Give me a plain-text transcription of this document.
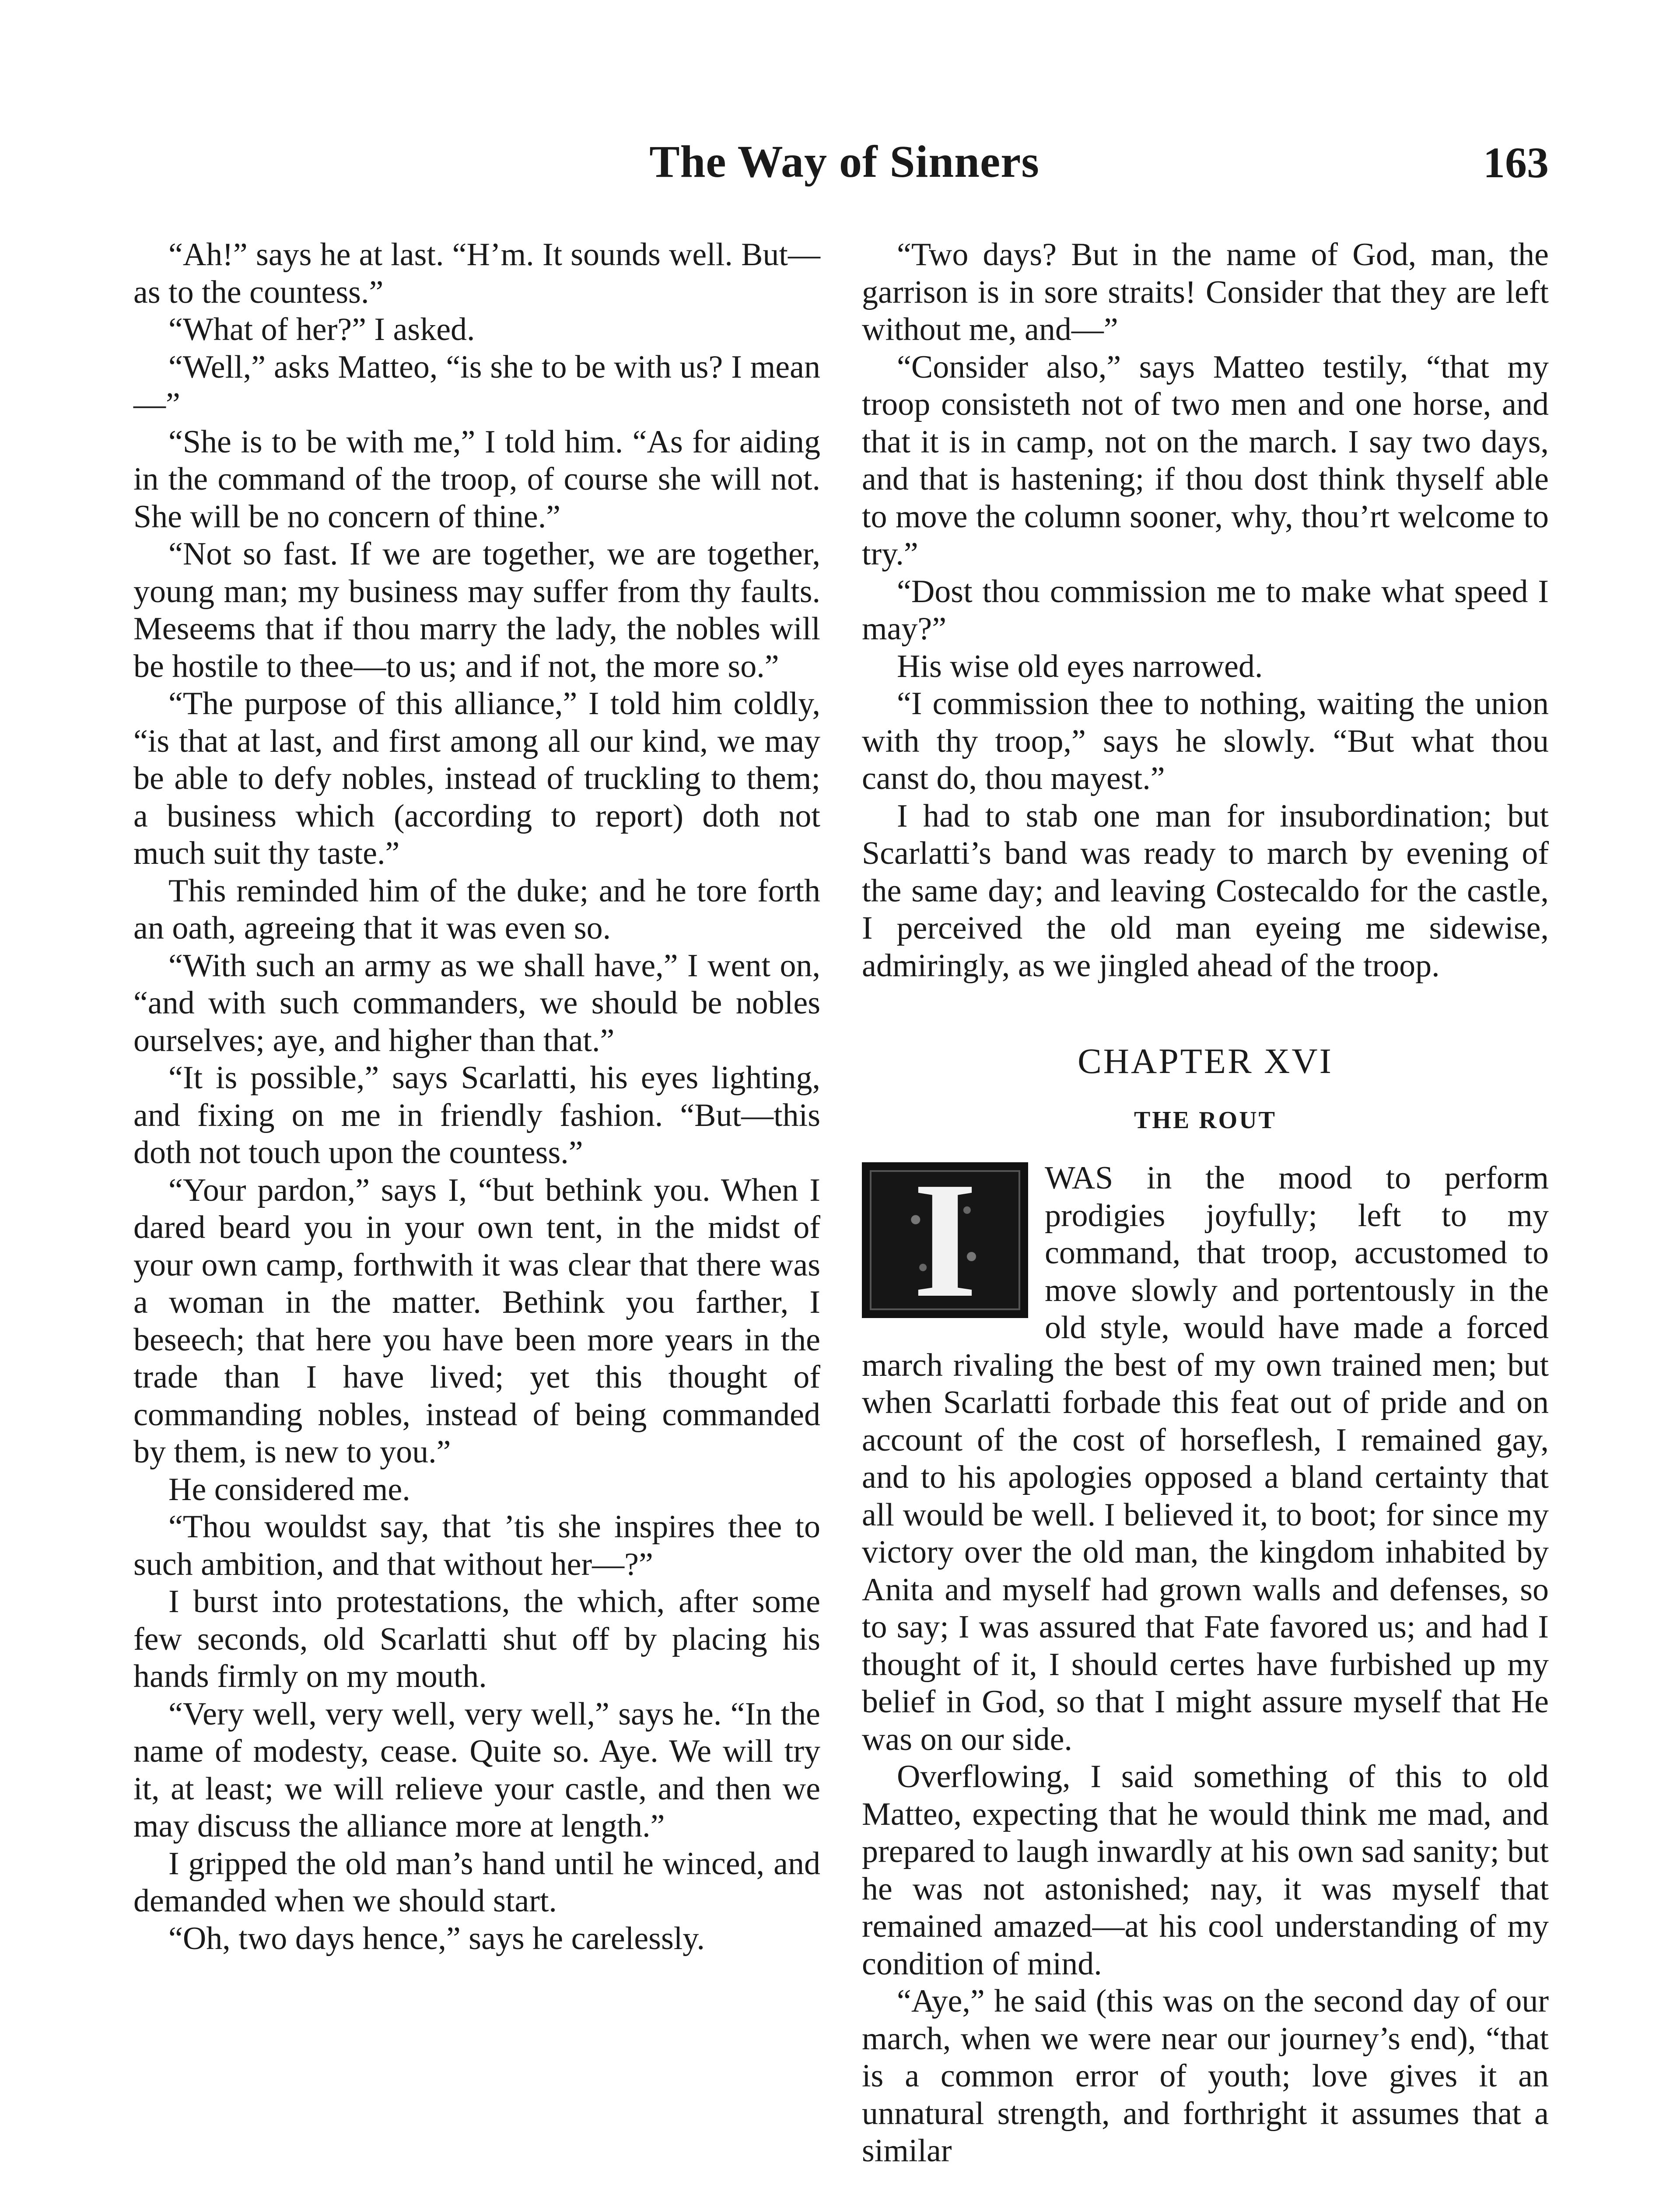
The Way of Sinners	163

“Ah!” says he at last. “H’m. It sounds well. But—as to the countess.”

“What of her?” I asked.

“Well,” asks Matteo, “is she to be with us? I mean—”

“She is to be with me,” I told him. “As for aiding in the command of the troop, of course she will not. She will be no concern of thine.”

“Not so fast. If we are together, we are together, young man; my business may suffer from thy faults. Meseems that if thou marry the lady, the nobles will be hostile to thee—to us; and if not, the more so.”

“The purpose of this alliance,” I told him coldly, “is that at last, and first among all our kind, we may be able to defy nobles, instead of truckling to them; a business which (according to report) doth not much suit thy taste.”

This reminded him of the duke; and he tore forth an oath, agreeing that it was even so.

“With such an army as we shall have,” I went on, “and with such commanders, we should be nobles ourselves; aye, and higher than that.”

“It is possible,” says Scarlatti, his eyes lighting, and fixing on me in friendly fashion. “But—this doth not touch upon the countess.”

“Your pardon,” says I, “but bethink you. When I dared beard you in your own tent, in the midst of your own camp, forthwith it was clear that there was a woman in the matter. Bethink you farther, I beseech; that here you have been more years in the trade than I have lived; yet this thought of commanding nobles, instead of being commanded by them, is new to you.”

He considered me.

“Thou wouldst say, that ’tis she inspires thee to such ambition, and that without her—?”

I burst into protestations, the which, after some few seconds, old Scarlatti shut off by placing his hands firmly on my mouth.

“Very well, very well, very well,” says he. “In the name of modesty, cease. Quite so. Aye. We will try it, at least; we will relieve your castle, and then we may discuss the alliance more at length.”

I gripped the old man’s hand until he winced, and demanded when we should start.

“Oh, two days hence,” says he carelessly.

“Two days? But in the name of God, man, the garrison is in sore straits! Consider that they are left without me, and—”

“Consider also,” says Matteo testily, “that my troop consisteth not of two men and one horse, and that it is in camp, not on the march. I say two days, and that is hastening; if thou dost think thyself able to move the column sooner, why, thou’rt welcome to try.”

“Dost thou commission me to make what speed I may?”

His wise old eyes narrowed.

“I commission thee to nothing, waiting the union with thy troop,” says he slowly. “But what thou canst do, thou mayest.”

I had to stab one man for insubordination; but Scarlatti’s band was ready to march by evening of the same day; and leaving Costecaldo for the castle, I perceived the old man eyeing me sidewise, admiringly, as we jingled ahead of the troop.

CHAPTER XVI
THE ROUT

I	WAS in the mood to perform prodigies joyfully; left to my command, that troop, accustomed to move slowly and portentously in the old style, would have made a forced march rivaling the best of my own trained men; but when Scarlatti forbade this feat out of pride and on account of the cost of horseflesh, I remained gay, and to his apologies opposed a bland certainty that all would be well. I believed it, to boot; for since my victory over the old man, the kingdom inhabited by Anita and myself had grown walls and defenses, so to say; I was assured that Fate favored us; and had I thought of it, I should certes have furbished up my belief in God, so that I might assure myself that He was on our side.

Overflowing, I said something of this to old Matteo, expecting that he would think me mad, and prepared to laugh inwardly at his own sad sanity; but he was not astonished; nay, it was myself that remained amazed—at his cool understanding of my condition of mind.

“Aye,” he said (this was on the second day of our march, when we were near our journey’s end), “that is a common error of youth; love gives it an unnatural strength, and forthright it assumes that a similar
